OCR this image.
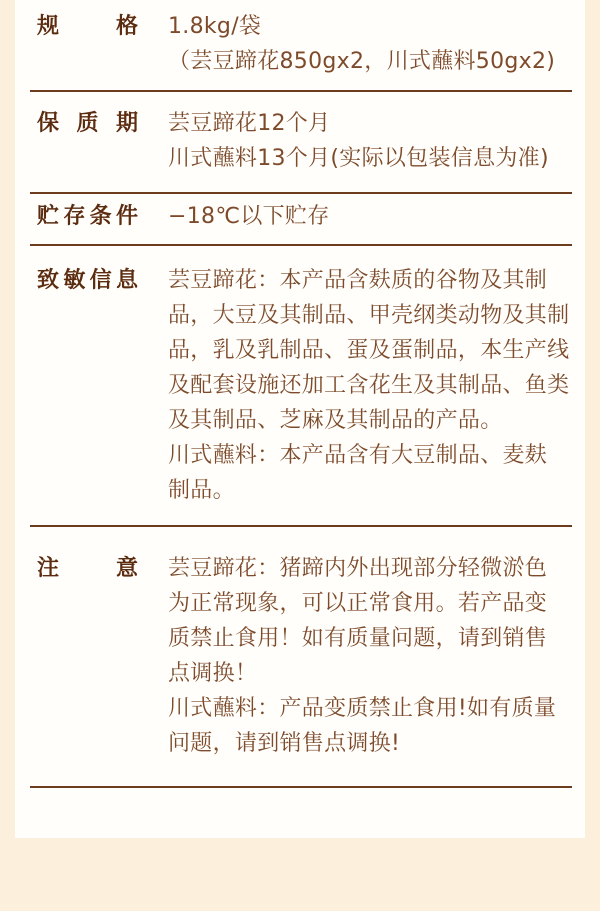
规格 1.8kg/袋
（芸豆蹄花850gx2，川式蘸料50gx2)
保质期 芸豆蹄花12个月
川式蘸料13个月(实际以包装信息为准)
贮存条件 −18℃以下贮存
致敏信息 芸豆蹄花：本产品含麸质的谷物及其制
品，大豆及其制品、甲壳纲类动物及其制
品，乳及乳制品、蛋及蛋制品，本生产线
及配套设施还加工含花生及其制品、鱼类
及其制品、芝麻及其制品的产品。
川式蘸料：本产品含有大豆制品、麦麸
制品。
注意 芸豆蹄花：猪蹄内外出现部分轻微淤色
为正常现象，可以正常食用。若产品变
质禁止食用！如有质量问题，请到销售
点调换！
川式蘸料：产品变质禁止食用!如有质量
问题，请到销售点调换!
